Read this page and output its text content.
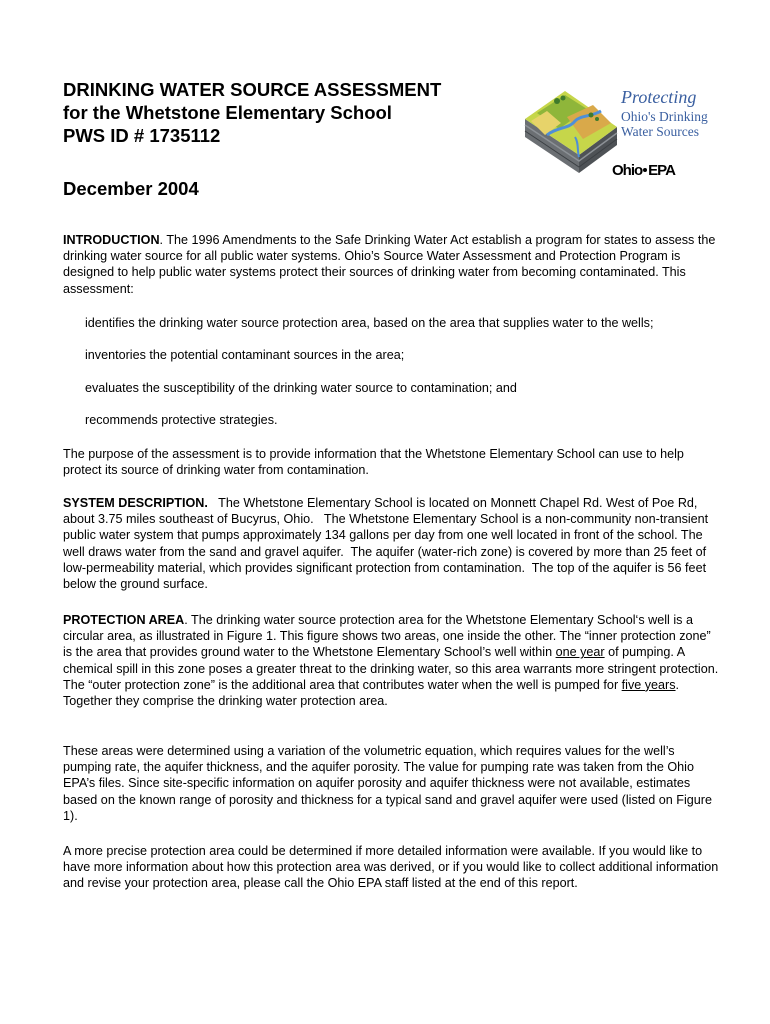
DRINKING WATER SOURCE ASSESSMENT

for the Whetstone Elementary School

PWS ID # 1735112

December 2004

Protecting
Ohio's Drinking
Water Sources
Ohio EPA

INTRODUCTION. The 1996 Amendments to the Safe Drinking Water Act establish a program for states to assess the drinking water source for all public water systems. Ohio’s Source Water Assessment and Protection Program is designed to help public water systems protect their sources of drinking water from becoming contaminated. This assessment:

identifies the drinking water source protection area, based on the area that supplies water to the wells;
inventories the potential contaminant sources in the area;
evaluates the susceptibility of the drinking water source to contamination; and
recommends protective strategies.

The purpose of the assessment is to provide information that the Whetstone Elementary School can use to help protect its source of drinking water from contamination.

SYSTEM DESCRIPTION.   The Whetstone Elementary School is located on Monnett Chapel Rd. West of Poe Rd, about 3.75 miles southeast of Bucyrus, Ohio.   The Whetstone Elementary School is a non-community non-transient public water system that pumps approximately 134 gallons per day from one well located in front of the school. The well draws water from the sand and gravel aquifer.  The aquifer (water-rich zone) is covered by more than 25 feet of low-permeability material, which provides significant protection from contamination.  The top of the aquifer is 56 feet below the ground surface.

PROTECTION AREA. The drinking water source protection area for the Whetstone Elementary School‘s well is a circular area, as illustrated in Figure 1. This figure shows two areas, one inside the other. The “inner protection zone” is the area that provides ground water to the Whetstone Elementary School’s well within one year of pumping. A chemical spill in this zone poses a greater threat to the drinking water, so this area warrants more stringent protection. The “outer protection zone” is the additional area that contributes water when the well is pumped for five years. Together they comprise the drinking water protection area.

These areas were determined using a variation of the volumetric equation, which requires values for the well’s pumping rate, the aquifer thickness, and the aquifer porosity. The value for pumping rate was taken from the Ohio EPA’s files. Since site-specific information on aquifer porosity and aquifer thickness were not available, estimates based on the known range of porosity and thickness for a typical sand and gravel aquifer were used (listed on Figure 1).

A more precise protection area could be determined if more detailed information were available. If you would like to have more information about how this protection area was derived, or if you would like to collect additional information and revise your protection area, please call the Ohio EPA staff listed at the end of this report.
